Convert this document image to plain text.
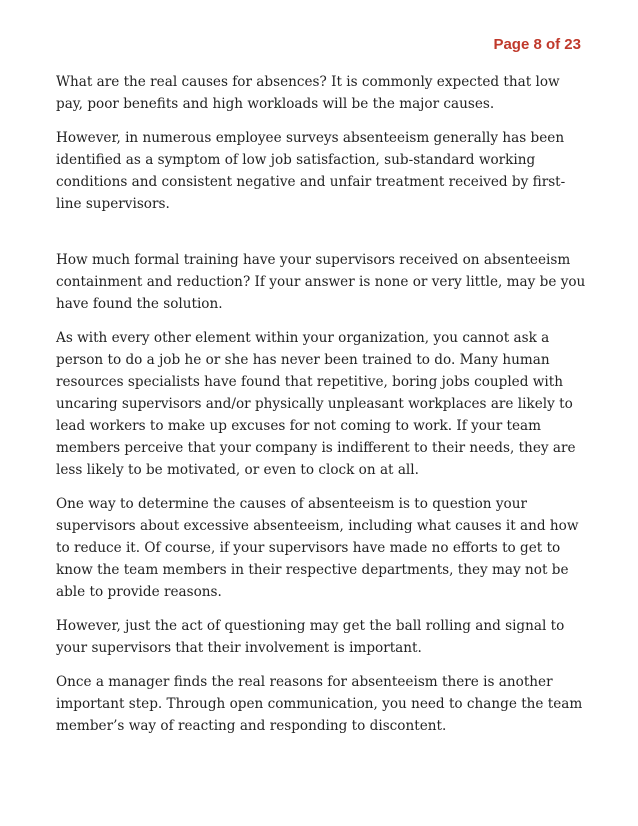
Page 8 of 23

What are the real causes for absences? It is commonly expected that low pay, poor benefits and high workloads will be the major causes.

However, in numerous employee surveys absenteeism generally has been identified as a symptom of low job satisfaction, sub-standard working conditions and consistent negative and unfair treatment received by first-line supervisors.

How much formal training have your supervisors received on absenteeism containment and reduction? If your answer is none or very little, may be you have found the solution.

As with every other element within your organization, you cannot ask a person to do a job he or she has never been trained to do. Many human resources specialists have found that repetitive, boring jobs coupled with uncaring supervisors and/or physically unpleasant workplaces are likely to lead workers to make up excuses for not coming to work. If your team members perceive that your company is indifferent to their needs, they are less likely to be motivated, or even to clock on at all.

One way to determine the causes of absenteeism is to question your supervisors about excessive absenteeism, including what causes it and how to reduce it. Of course, if your supervisors have made no efforts to get to know the team members in their respective departments, they may not be able to provide reasons.

However, just the act of questioning may get the ball rolling and signal to your supervisors that their involvement is important.

Once a manager finds the real reasons for absenteeism there is another important step. Through open communication, you need to change the team member’s way of reacting and responding to discontent.
